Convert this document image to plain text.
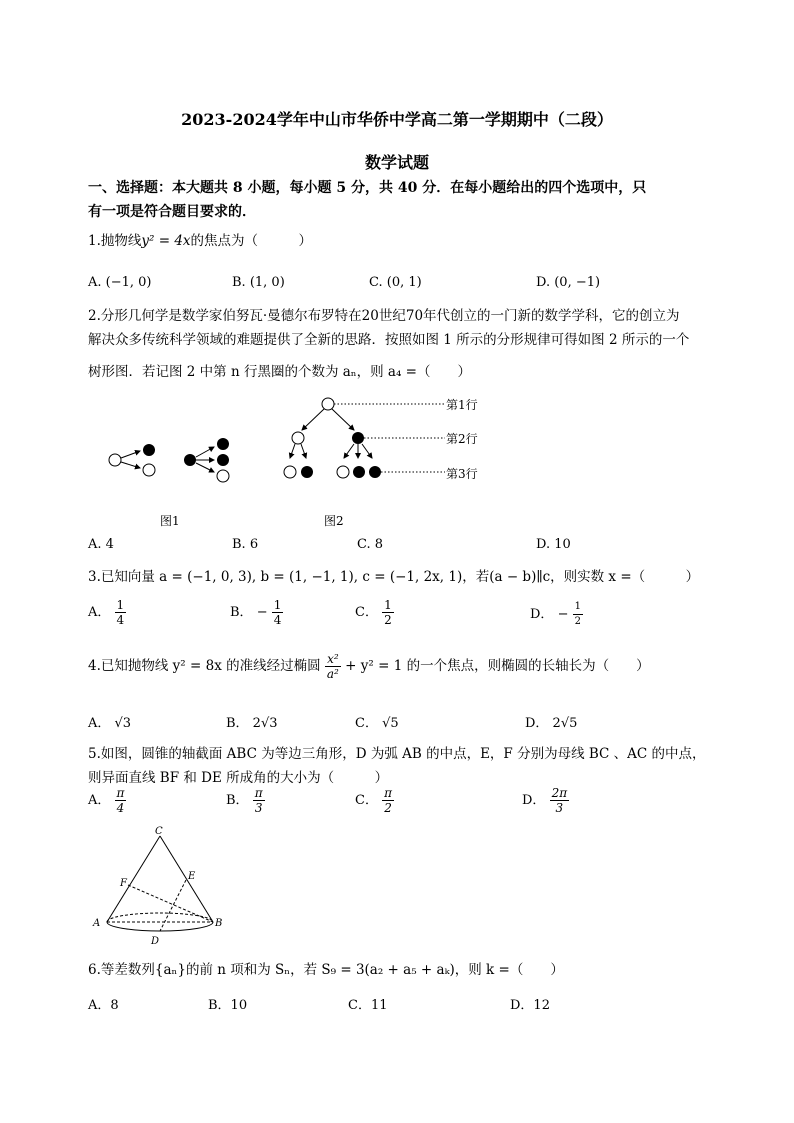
2023-2024学年中山市华侨中学高二第一学期期中（二段）
数学试题
一、选择题：本大题共 8 小题，每小题 5 分，共 40 分．在每小题给出的四个选项中，只
有一项是符合题目要求的．
1.抛物线y² = 4x的焦点为（　　　）
A. (−1, 0)	B. (1, 0)	C. (0, 1)	D. (0, −1)
2.分形几何学是数学家伯努瓦·曼德尔布罗特在20世纪70年代创立的一门新的数学学科，它的创立为
解决众多传统科学领域的难题提供了全新的思路．按照如图 1 所示的分形规律可得如图 2 所示的一个
树形图．若记图 2 中第 n 行黑圈的个数为 aₙ，则 a₄ =（　　）
图1
第1行
第2行
第3行
图2
A. 4	B. 6	C. 8	D. 10
3.已知向量 a = (−1, 0, 3), b = (1, −1, 1), c = (−1, 2x, 1)，若(a − b)∥c，则实数 x =（　　　）
A． $\frac{1}{4}$	B． − $\frac{1}{4}$	C． $\frac{1}{2}$	D． − $\frac{1}{2}$
4.已知抛物线 y² = 8x 的准线经过椭圆 $\frac{\text{x²}}{\text{a²}} + y^2 = 1$ 的一个焦点，则椭圆的长轴长为（　　）
A． √3	B． 2√3	C． √5	D． 2√5
5.如图，圆锥的轴截面 ABC 为等边三角形，D 为弧 AB 的中点，E，F 分别为母线 BC 、AC 的中点，
则异面直线 BF 和 DE 所成角的大小为（　　　）
A． $\frac{\pi}{4}$	B． $\frac{\pi}{3}$	C． $\frac{\pi}{2}$	D． $\frac{2\pi}{3}$
C
E
F
A	B
D
6.等差数列{aₙ}的前 n 项和为 Sₙ，若 S₉ = 3(a₂ + a₅ + aₖ)，则 k =（　　）
A．8	B．10	C．11	D．12
